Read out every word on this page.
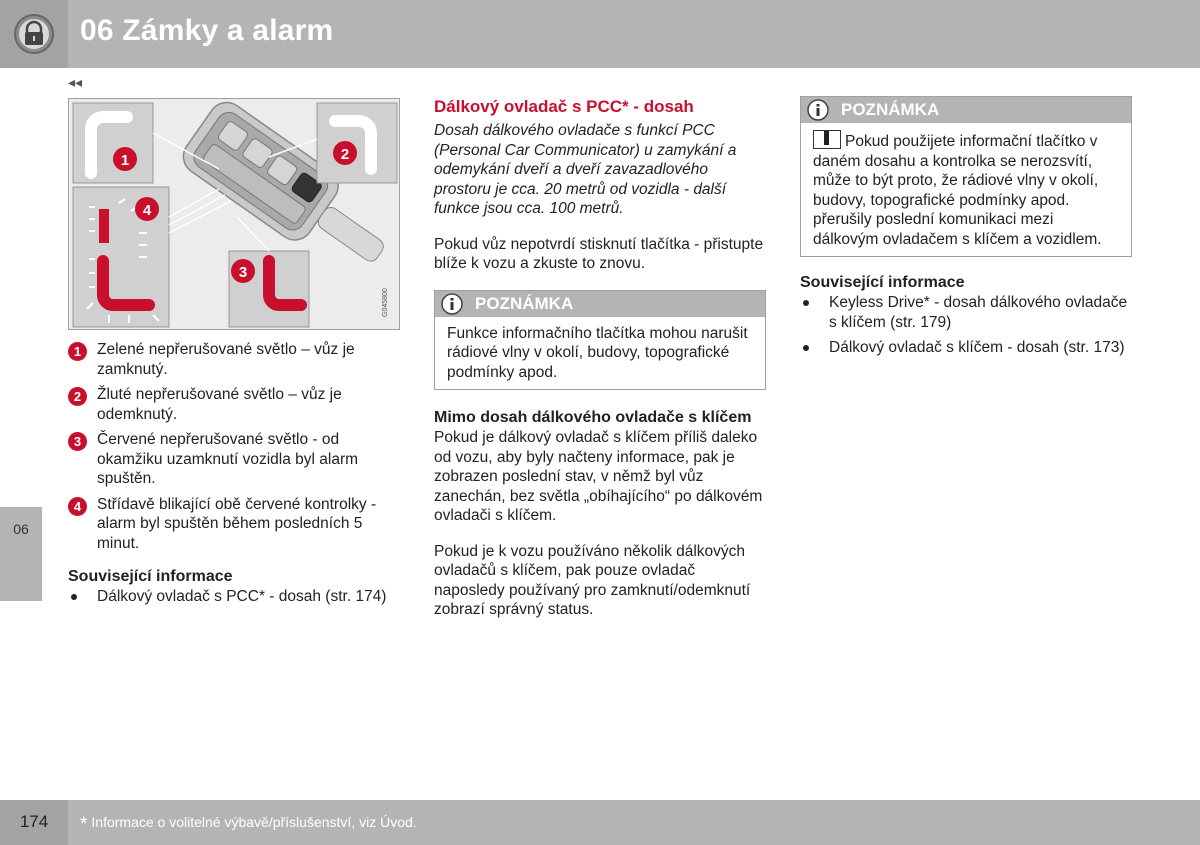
06 Zámky a alarm
◂◂
06
1	2
3
4
G045800
1	Zelené nepřerušované světlo – vůz je zamknutý.
2	Žluté nepřerušované světlo – vůz je odemknutý.
3	Červené nepřerušované světlo - od okamžiku uzamknutí vozidla byl alarm spuštěn.
4	Střídavě blikající obě červené kontrolky - alarm byl spuštěn během posledních 5 minut.
Související informace
Dálkový ovladač s PCC* - dosah (str. 174)
Dálkový ovladač s PCC* - dosah

Dosah dálkového ovladače s funkcí PCC (Personal Car Communicator) u zamykání a odemykání dveří a dveří zavazadlového prostoru je cca. 20 metrů od vozidla - další funkce jsou cca. 100 metrů.

Pokud vůz nepotvrdí stisknutí tlačítka - přistupte blíže k vozu a zkuste to znovu.

POZNÁMKA
Funkce informačního tlačítka mohou narušit rádiové vlny v okolí, budovy, topografické podmínky apod.
Mimo dosah dálkového ovladače s klíčem

Pokud je dálkový ovladač s klíčem příliš daleko od vozu, aby byly načteny informace, pak je zobrazen poslední stav, v němž byl vůz zanechán, bez světla „obíhajícího“ po dálkovém ovladači s klíčem.

Pokud je k vozu používáno několik dálkových ovladačů s klíčem, pak pouze ovladač naposledy používaný pro zamknutí/odemknutí zobrazí správný status.

POZNÁMKA
Pokud použijete informační tlačítko v daném dosahu a kontrolka se nerozsvítí, může to být proto, že rádiové vlny v okolí, budovy, topografické podmínky apod. přerušily poslední komunikaci mezi dálkovým ovladačem s klíčem a vozidlem.
Související informace
Keyless Drive* - dosah dálkového ovladače s klíčem (str. 179)
Dálkový ovladač s klíčem - dosah (str. 173)
174	* Informace o volitelné výbavě/příslušenství, viz Úvod.
